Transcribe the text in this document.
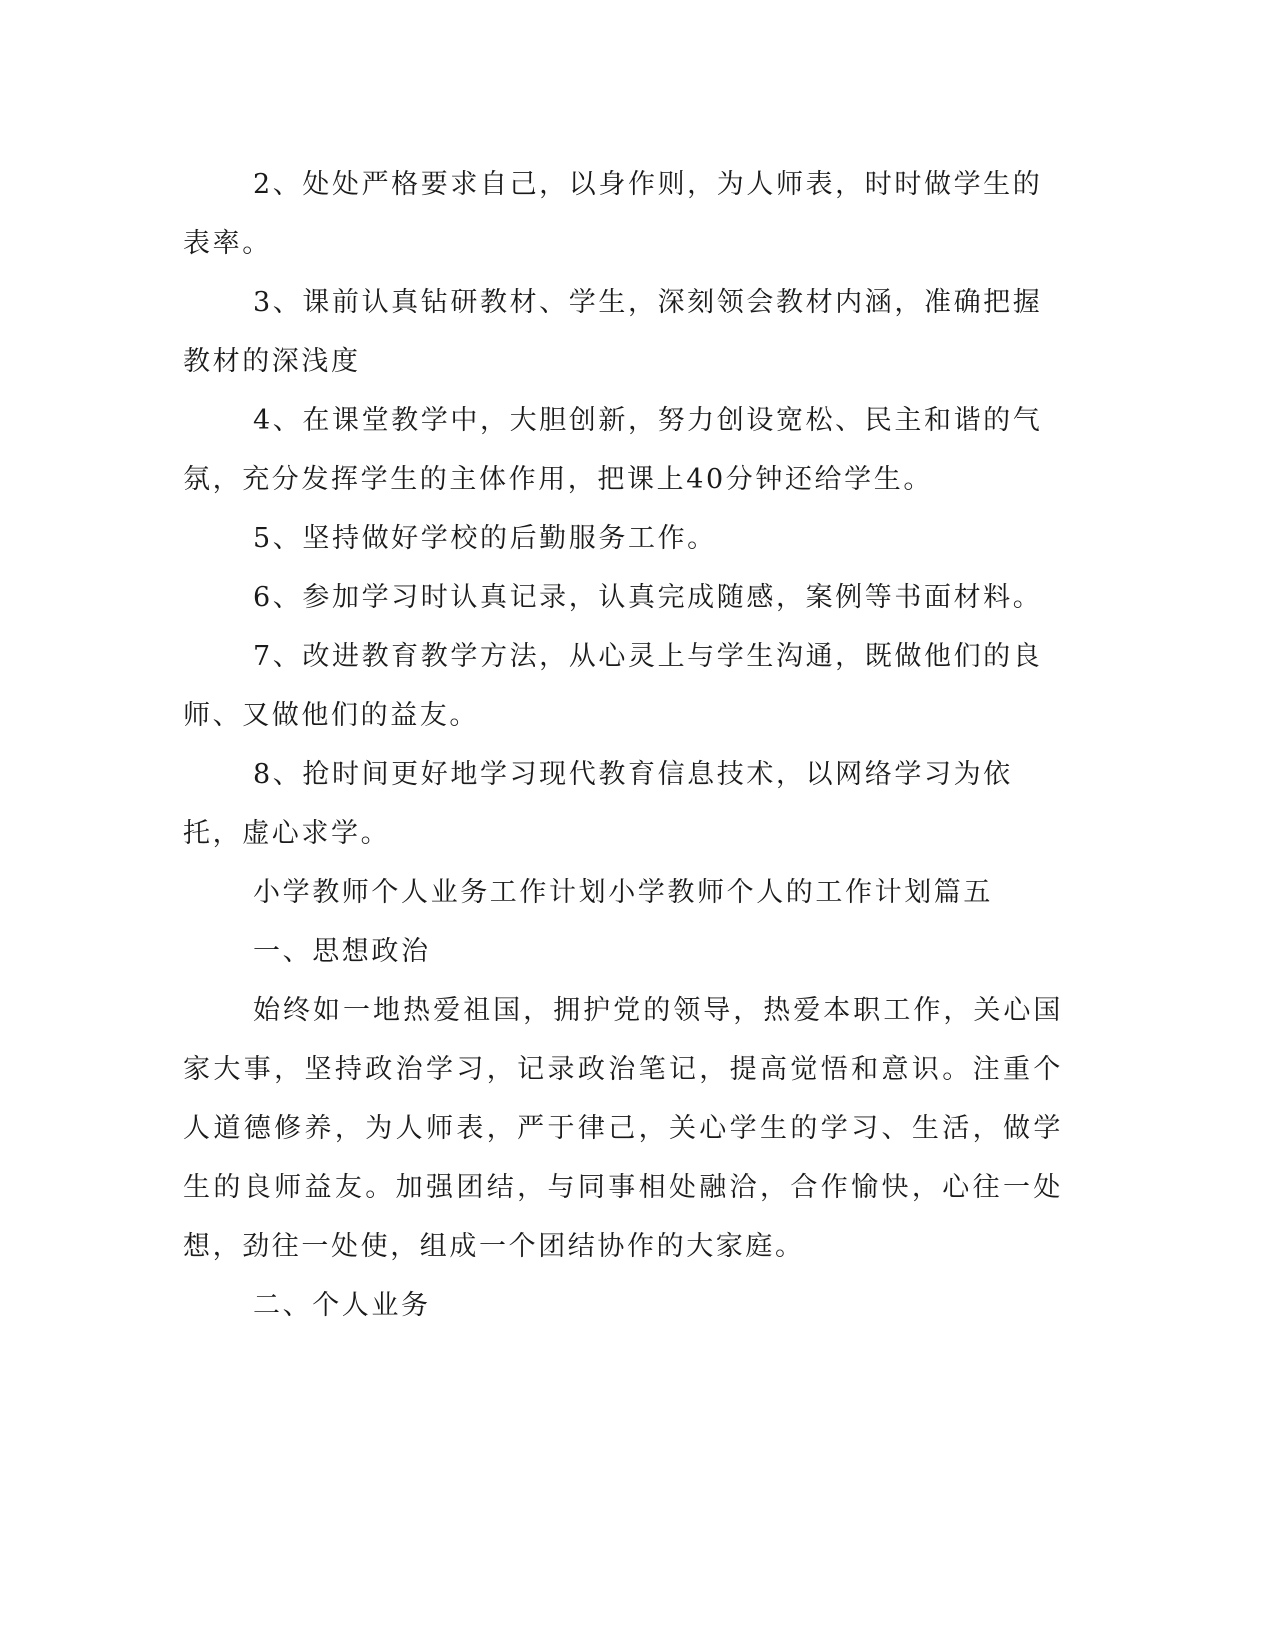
2、处处严格要求自己，以身作则，为人师表，时时做学生的表率。

3、课前认真钻研教材、学生，深刻领会教材内涵，准确把握教材的深浅度

4、在课堂教学中，大胆创新，努力创设宽松、民主和谐的气氛，充分发挥学生的主体作用，把课上40分钟还给学生。

5、坚持做好学校的后勤服务工作。

6、参加学习时认真记录，认真完成随感，案例等书面材料。

7、改进教育教学方法，从心灵上与学生沟通，既做他们的良师、又做他们的益友。

8、抢时间更好地学习现代教育信息技术，以网络学习为依托，虚心求学。

小学教师个人业务工作计划小学教师个人的工作计划篇五

一、思想政治

始终如一地热爱祖国，拥护党的领导，热爱本职工作，关心国家大事，坚持政治学习，记录政治笔记，提高觉悟和意识。注重个人道德修养，为人师表，严于律己，关心学生的学习、生活，做学生的良师益友。加强团结，与同事相处融洽，合作愉快，心往一处想，劲往一处使，组成一个团结协作的大家庭。

二、个人业务
